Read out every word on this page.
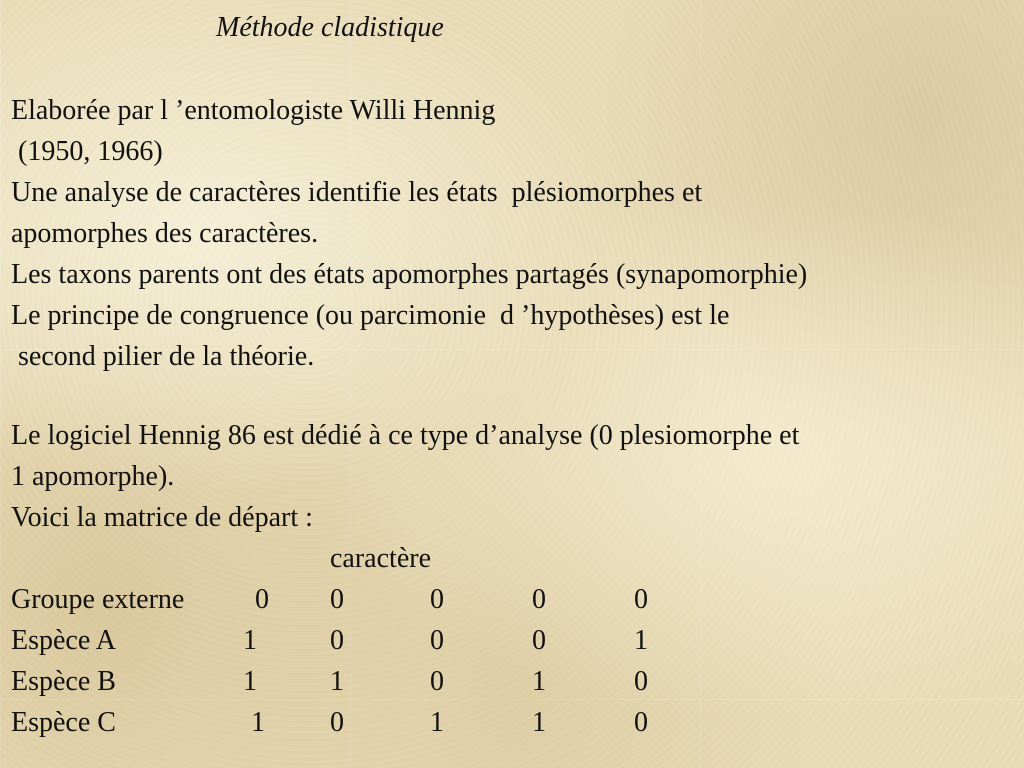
Méthode cladistique
Elaborée par l ’entomologiste Willi Hennig
(1950, 1966)
Une analyse de caractères identifie les états  plésiomorphes et
apomorphes des caractères.
Les taxons parents ont des états apomorphes partagés (synapomorphie)
Le principe de congruence (ou parcimonie  d ’hypothèses) est le
second pilier de la théorie.
Le logiciel Hennig 86 est dédié à ce type d’analyse (0 plesiomorphe et
1 apomorphe).
Voici la matrice de départ :
		caractère			
Groupe externe	0	0	0	0	0
Espèce A	1	0	0	0	1
Espèce B	1	1	0	1	0
Espèce C	1	0	1	1	0
